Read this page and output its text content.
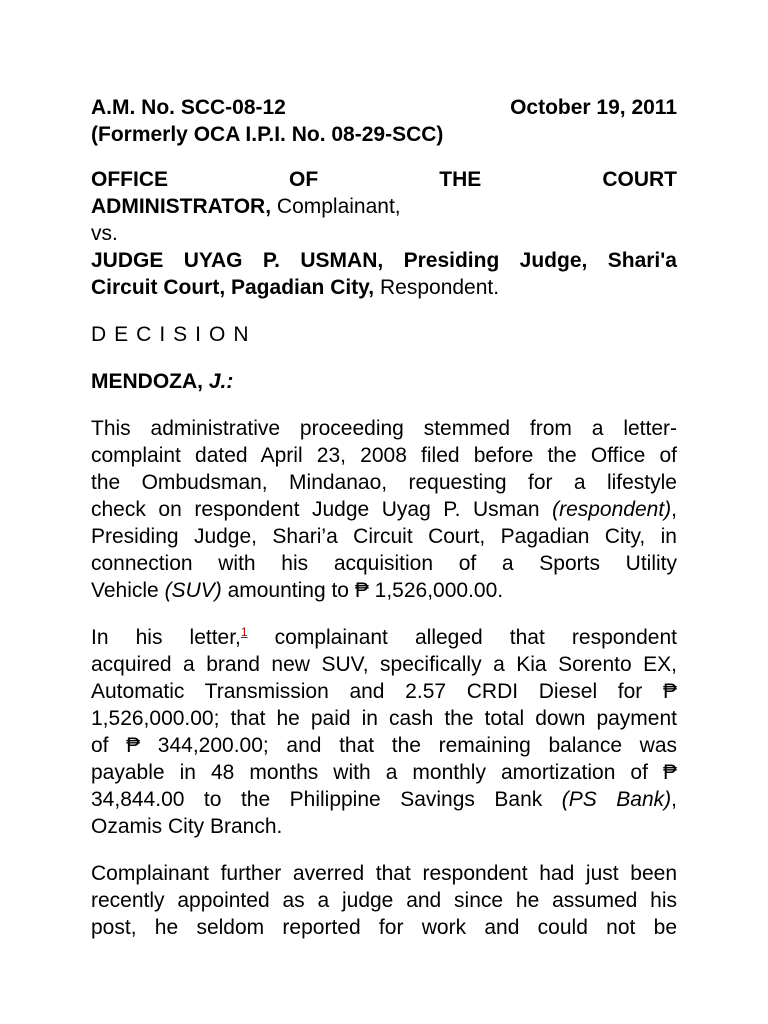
A.M. No. SCC-08-12	October 19, 2011
(Formerly OCA I.P.I. No. 08-29-SCC)
OFFICE	OF	THE	COURT
ADMINISTRATOR, Complainant,
vs.
JUDGE UYAG P. USMAN, Presiding Judge, Shari'a
Circuit Court, Pagadian City, Respondent.
DECISION
MENDOZA, J.:
This administrative proceeding stemmed from a letter-
complaint dated April 23, 2008 filed before the Office of
the Ombudsman, Mindanao, requesting for a lifestyle
check on respondent Judge Uyag P. Usman (respondent),
Presiding Judge, Shari’a Circuit Court, Pagadian City, in
connection with his acquisition of a Sports Utility
Vehicle (SUV) amounting to ₱ 1,526,000.00.
In his letter,$^1$ complainant alleged that respondent
acquired a brand new SUV, specifically a Kia Sorento EX,
Automatic Transmission and 2.57 CRDI Diesel for ₱
1,526,000.00; that he paid in cash the total down payment
of ₱ 344,200.00; and that the remaining balance was
payable in 48 months with a monthly amortization of ₱
34,844.00 to the Philippine Savings Bank (PS Bank),
Ozamis City Branch.
Complainant further averred that respondent had just been
recently appointed as a judge and since he assumed his
post, he seldom reported for work and could not be
